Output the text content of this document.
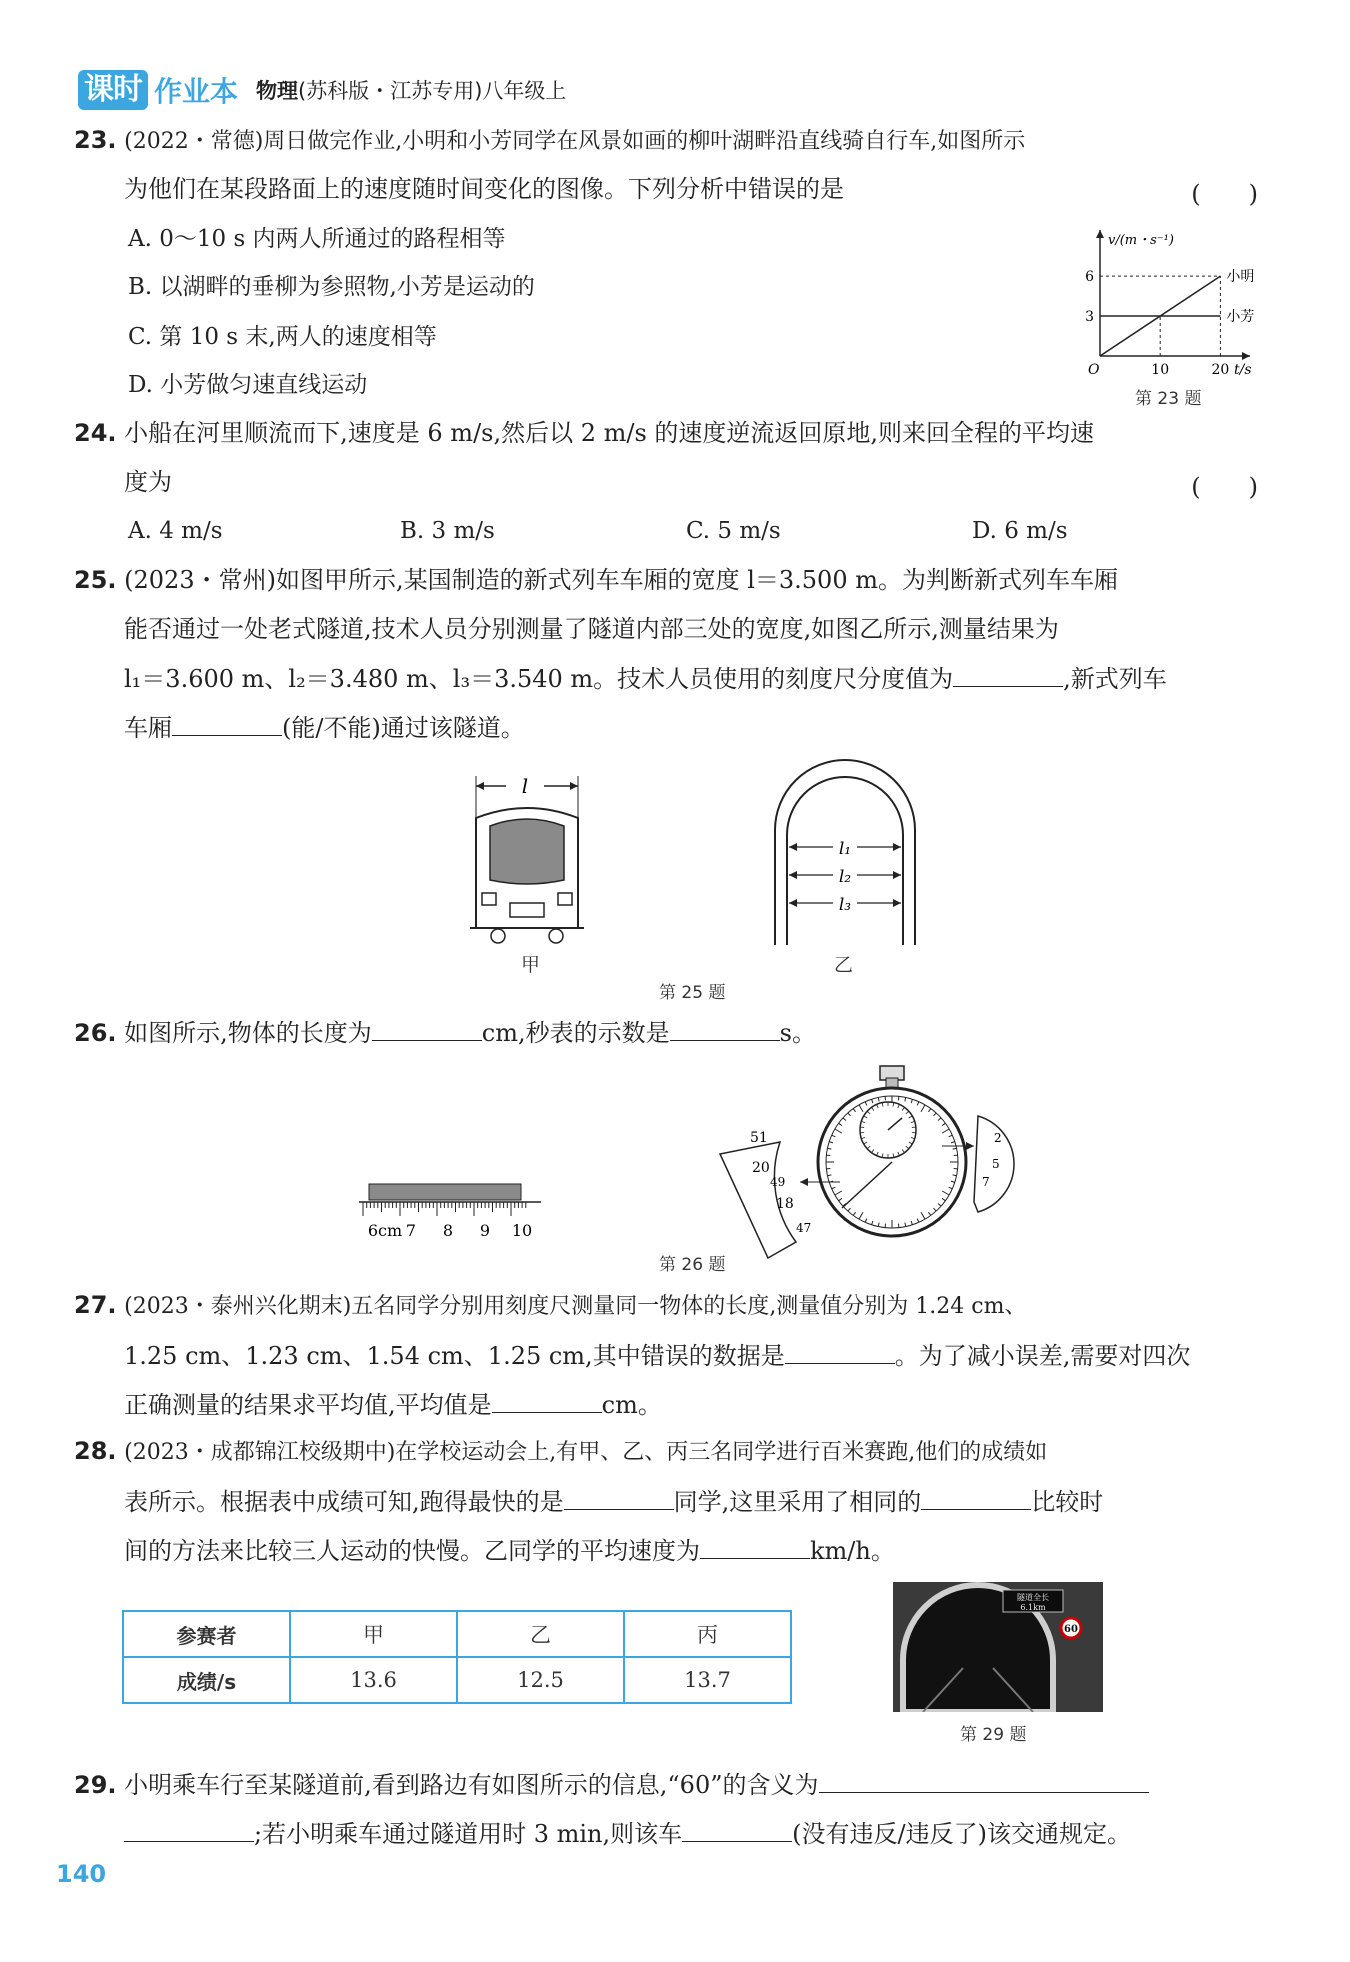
课时 作业本 物理(苏科版・江苏专用)八年级上
23. (2022・常德)周日做完作业,小明和小芳同学在风景如画的柳叶湖畔沿直线骑自行车,如图所示
为他们在某段路面上的速度随时间变化的图像。下列分析中错误的是	(　　)
A. 0～10 s 内两人所通过的路程相等
B. 以湖畔的垂柳为参照物,小芳是运动的
C. 第 10 s 末,两人的速度相等
D. 小芳做匀速直线运动
v/(m・s⁻¹)
t/s
O	10	20
3
6	小明
小芳
第 23 题
24. 小船在河里顺流而下,速度是 6 m/s,然后以 2 m/s 的速度逆流返回原地,则来回全程的平均速
度为	(　　)
A. 4 m/s	B. 3 m/s	C. 5 m/s	D. 6 m/s
25. (2023・常州)如图甲所示,某国制造的新式列车车厢的宽度 l＝3.500 m。为判断新式列车车厢
能否通过一处老式隧道,技术人员分别测量了隧道内部三处的宽度,如图乙所示,测量结果为
l₁＝3.600 m、l₂＝3.480 m、l₃＝3.540 m。技术人员使用的刻度尺分度值为	,新式列车
车厢	(能/不能)通过该隧道。
l
甲
l₁
l₂
l₃
乙
第 25 题
26. 如图所示,物体的长度为	cm,秒表的示数是	s。
6cm 7 8 9 10
51
20
49
18
47
2
5
7
第 26 题
27. (2023・泰州兴化期末)五名同学分别用刻度尺测量同一物体的长度,测量值分别为 1.24 cm、
1.25 cm、1.23 cm、1.54 cm、1.25 cm,其中错误的数据是	。为了减小误差,需要对四次
正确测量的结果求平均值,平均值是	cm。
28. (2023・成都锦江校级期中)在学校运动会上,有甲、乙、丙三名同学进行百米赛跑,他们的成绩如
表所示。根据表中成绩可知,跑得最快的是	同学,这里采用了相同的	比较时
间的方法来比较三人运动的快慢。乙同学的平均速度为	km/h。
参赛者	甲	乙	丙
成绩/s	13.6	12.5	13.7
隧道全长
6.1km
60
第 29 题
29. 小明乘车行至某隧道前,看到路边有如图所示的信息,“60”的含义为
;若小明乘车通过隧道用时 3 min,则该车	(没有违反/违反了)该交通规定。
140
